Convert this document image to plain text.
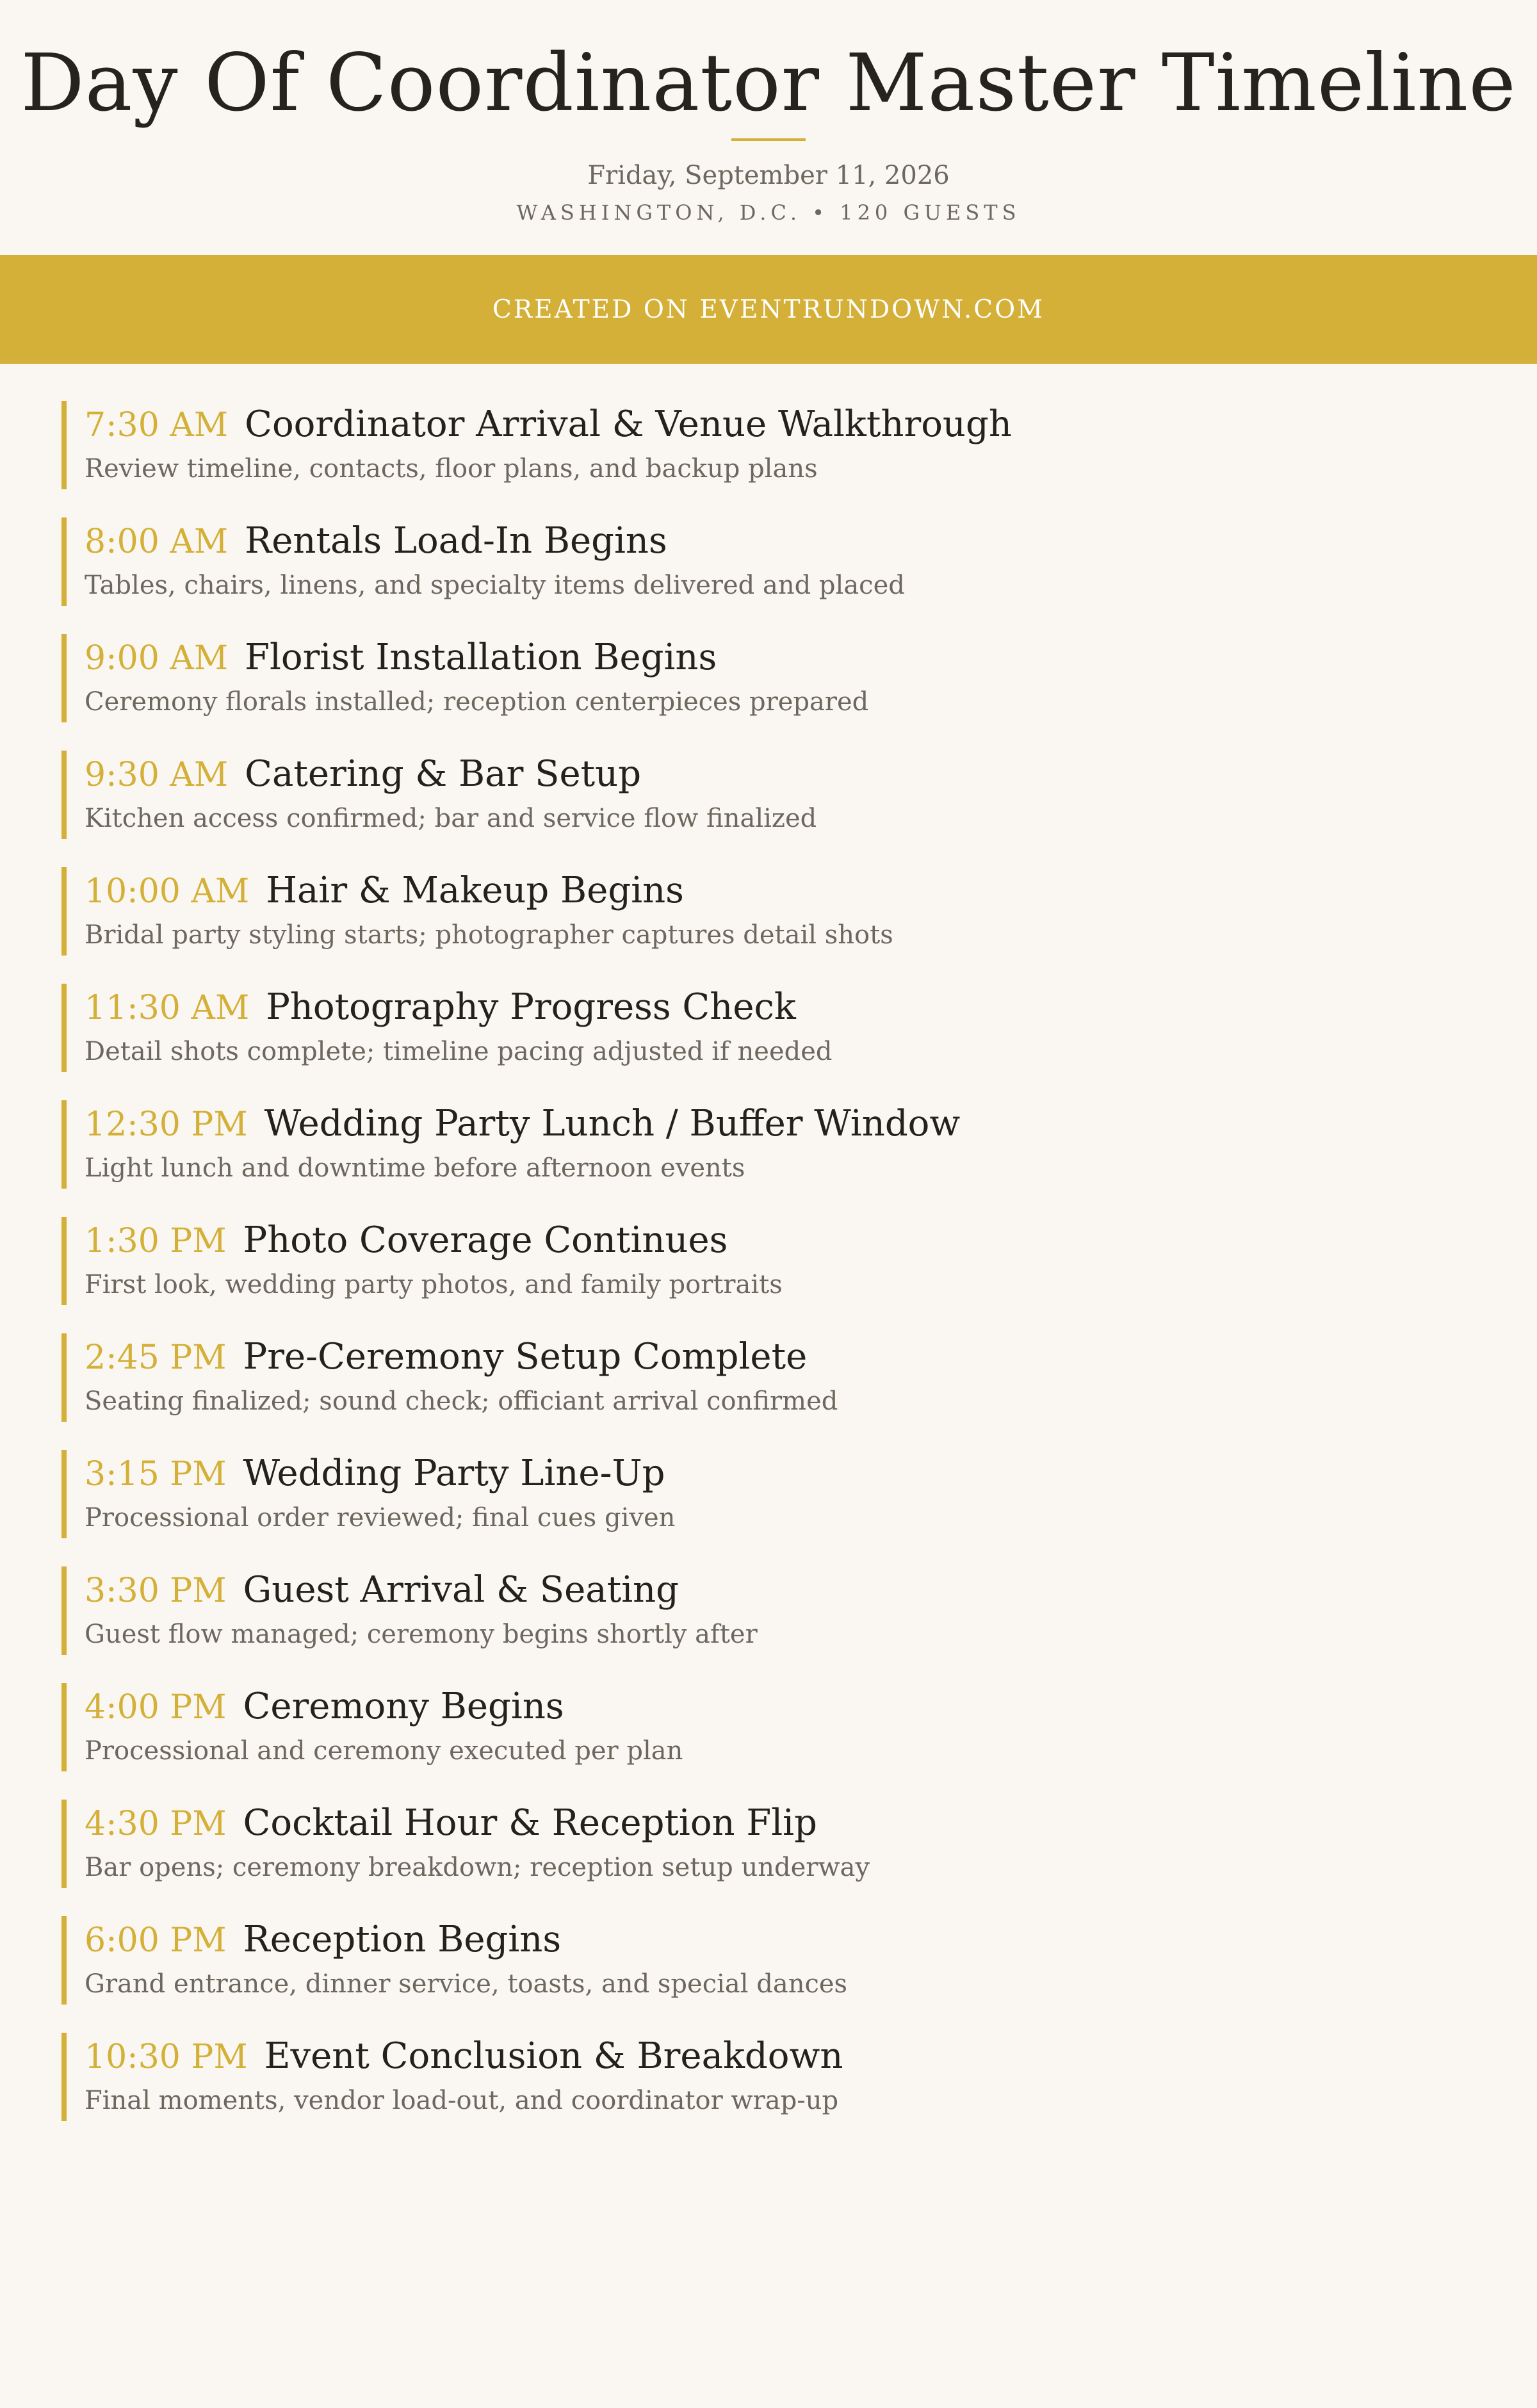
Day Of Coordinator Master Timeline
Friday, September 11, 2026
WASHINGTON, D.C. • 120 GUESTS
CREATED ON EVENTRUNDOWN.COM
7:30 AM Coordinator Arrival & Venue Walkthrough
Review timeline, contacts, floor plans, and backup plans
8:00 AM Rentals Load-In Begins
Tables, chairs, linens, and specialty items delivered and placed
9:00 AM Florist Installation Begins
Ceremony florals installed; reception centerpieces prepared
9:30 AM Catering & Bar Setup
Kitchen access confirmed; bar and service flow finalized
10:00 AM Hair & Makeup Begins
Bridal party styling starts; photographer captures detail shots
11:30 AM Photography Progress Check
Detail shots complete; timeline pacing adjusted if needed
12:30 PM Wedding Party Lunch / Buffer Window
Light lunch and downtime before afternoon events
1:30 PM Photo Coverage Continues
First look, wedding party photos, and family portraits
2:45 PM Pre-Ceremony Setup Complete
Seating finalized; sound check; officiant arrival confirmed
3:15 PM Wedding Party Line-Up
Processional order reviewed; final cues given
3:30 PM Guest Arrival & Seating
Guest flow managed; ceremony begins shortly after
4:00 PM Ceremony Begins
Processional and ceremony executed per plan
4:30 PM Cocktail Hour & Reception Flip
Bar opens; ceremony breakdown; reception setup underway
6:00 PM Reception Begins
Grand entrance, dinner service, toasts, and special dances
10:30 PM Event Conclusion & Breakdown
Final moments, vendor load-out, and coordinator wrap-up
